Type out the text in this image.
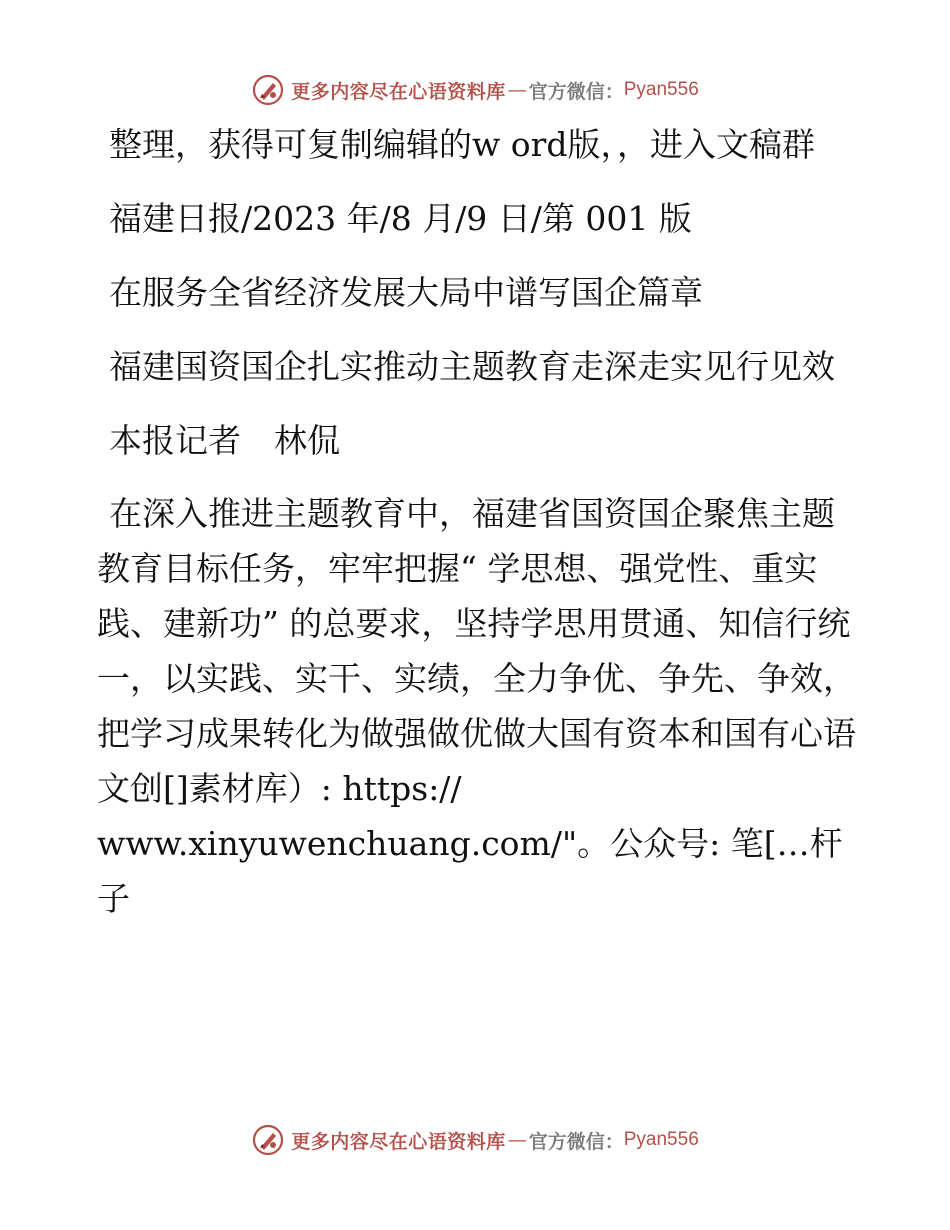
更多内容尽在心语资料库 — 官方微信： Pyan556

整理，获得可复制编辑的w ord版，，进入文稿群

福建日报/2023 年/8 月/9 日/第 001 版

在服务全省经济发展大局中谱写国企篇章

福建国资国企扎实推动主题教育走深走实见行见效

本报记者　林侃

在深入推进主题教育中，福建省国资国企聚焦主题教育目标任务，牢牢把握“ 学思想、强党性、重实践、建新功” 的总要求，坚持学思用贯通、知信行统一，以实践、实干、实绩，全力争优、争先、争效，把学习成果转化为做强做优做大国有资本和国有心语文创[]素材库）: https:// www.xinyuwenchuang.com/"。公众号: 笔[…杆子

更多内容尽在心语资料库 — 官方微信： Pyan556
